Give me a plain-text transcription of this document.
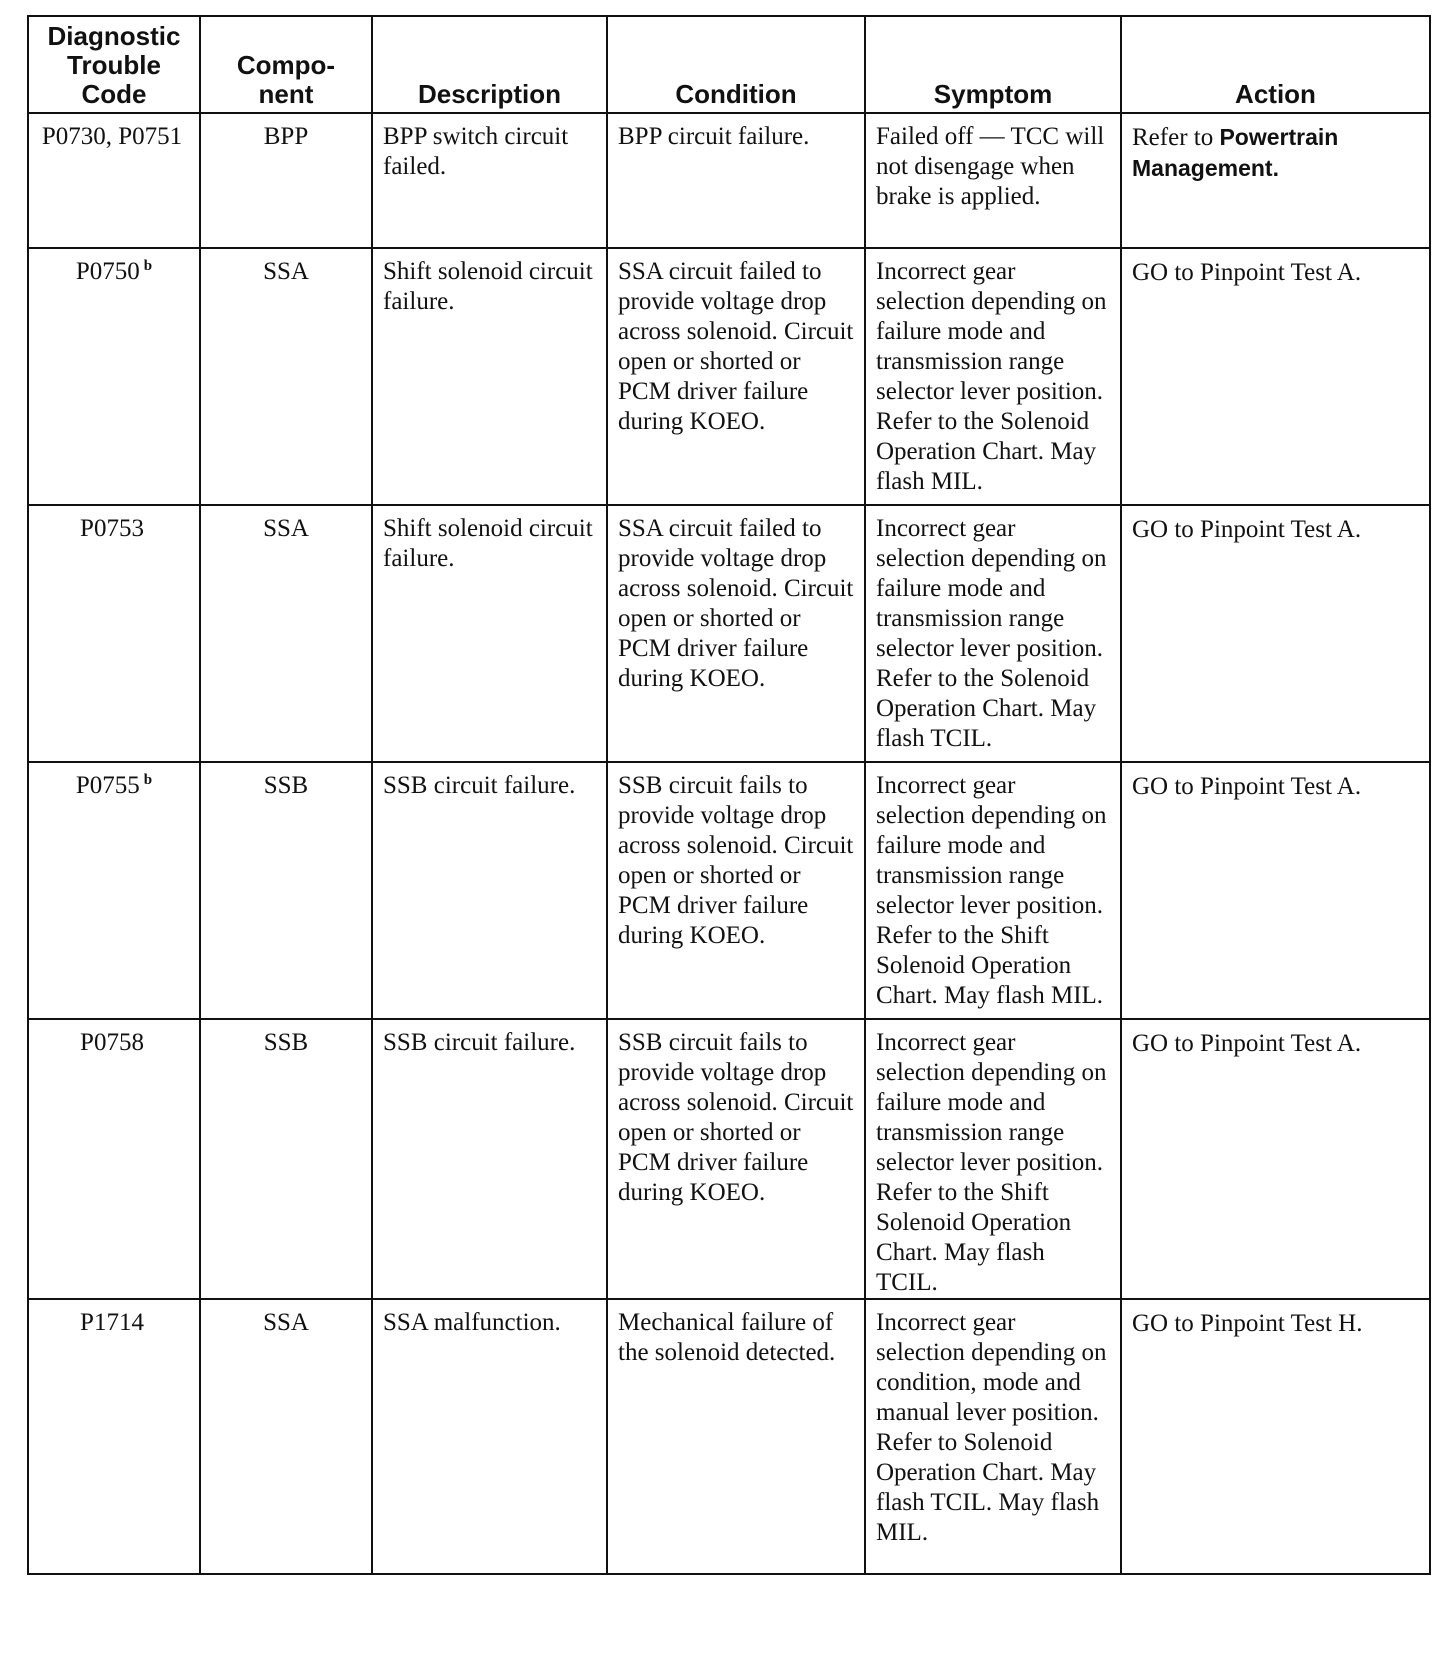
Diagnostic Trouble Code	Compo- nent	Description	Condition	Symptom	Action
P0730, P0751	BPP	BPP switch circuit failed.	BPP circuit failure.	Failed off — TCC will not disengage when brake is applied.	Refer to Powertrain Management.
P0750 $^b$	SSA	Shift solenoid circuit failure.	SSA circuit failed to provide voltage drop across solenoid. Circuit open or shorted or PCM driver failure during KOEO.	Incorrect gear selection depending on failure mode and transmission range selector lever position. Refer to the Solenoid Operation Chart. May flash MIL.	GO to Pinpoint Test A.
P0753	SSA	Shift solenoid circuit failure.	SSA circuit failed to provide voltage drop across solenoid. Circuit open or shorted or PCM driver failure during KOEO.	Incorrect gear selection depending on failure mode and transmission range selector lever position. Refer to the Solenoid Operation Chart. May flash TCIL.	GO to Pinpoint Test A.
P0755 $^b$	SSB	SSB circuit failure.	SSB circuit fails to provide voltage drop across solenoid. Circuit open or shorted or PCM driver failure during KOEO.	Incorrect gear selection depending on failure mode and transmission range selector lever position. Refer to the Shift Solenoid Operation Chart. May flash MIL.	GO to Pinpoint Test A.
P0758	SSB	SSB circuit failure.	SSB circuit fails to provide voltage drop across solenoid. Circuit open or shorted or PCM driver failure during KOEO.	Incorrect gear selection depending on failure mode and transmission range selector lever position. Refer to the Shift Solenoid Operation Chart. May flash TCIL.	GO to Pinpoint Test A.
P1714	SSA	SSA malfunction.	Mechanical failure of the solenoid detected.	Incorrect gear selection depending on condition, mode and manual lever position. Refer to Solenoid Operation Chart. May flash TCIL. May flash MIL.	GO to Pinpoint Test H.
